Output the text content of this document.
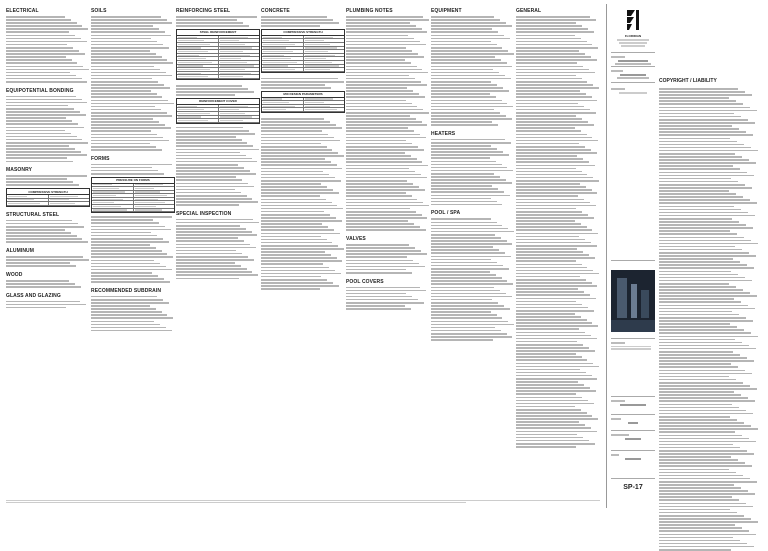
ELECTRICAL
EQUIPOTENTIAL BONDING
MASONRY
COMPRESSIVE STRENGTH
STRUCTURAL STEEL
ALUMINUM
WOOD
GLASS AND GLAZING
SOILS
FORMS
PRESSURE ON FORMS
RECOMMENDED SUBDRAIN
REINFORCING STEEL
STEEL REINFORCEMENT
REINFORCEMENT COVER
SPECIAL INSPECTION
CONCRETE
COMPRESSIVE STRENGTH
MIX DESIGN PARAMETERS
PLUMBING NOTES
VALVES
POOL COVERS
EQUIPMENT
HEATERS
POOL / SPA
GENERAL
FLORIDIAN
SP-17
COPYRIGHT / LIABILITY
